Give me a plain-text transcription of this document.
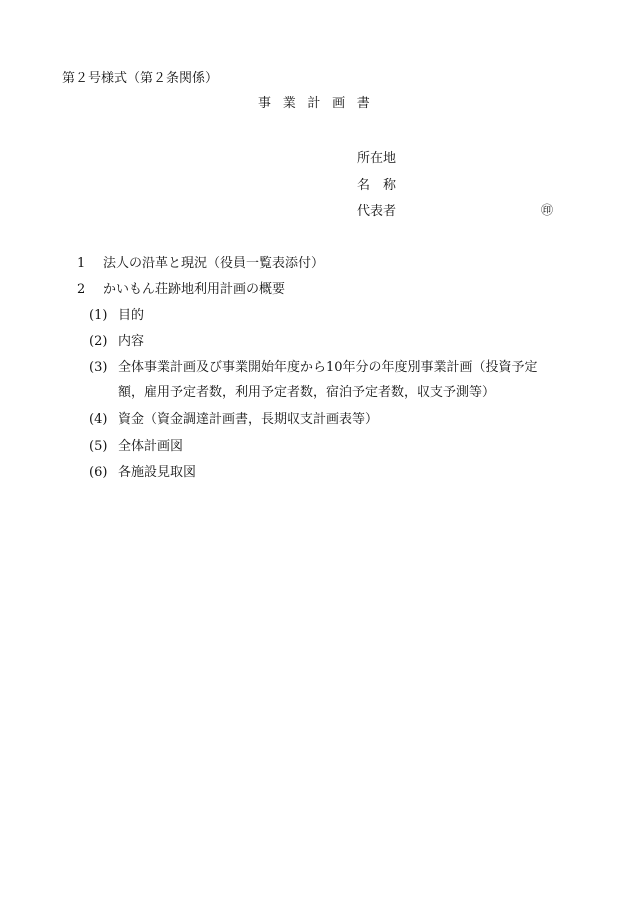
第２号様式（第２条関係）
事業計画書
所在地
名称
代表者	㊞
1 法人の沿革と現況（役員一覧表添付）
2 かいもん荘跡地利用計画の概要
(1) 目的
(2) 内容
(3) 全体事業計画及び事業開始年度から10年分の年度別事業計画（投資予定
額，雇用予定者数，利用予定者数，宿泊予定者数，収支予測等）
(4) 資金（資金調達計画書，長期収支計画表等）
(5) 全体計画図
(6) 各施設見取図
